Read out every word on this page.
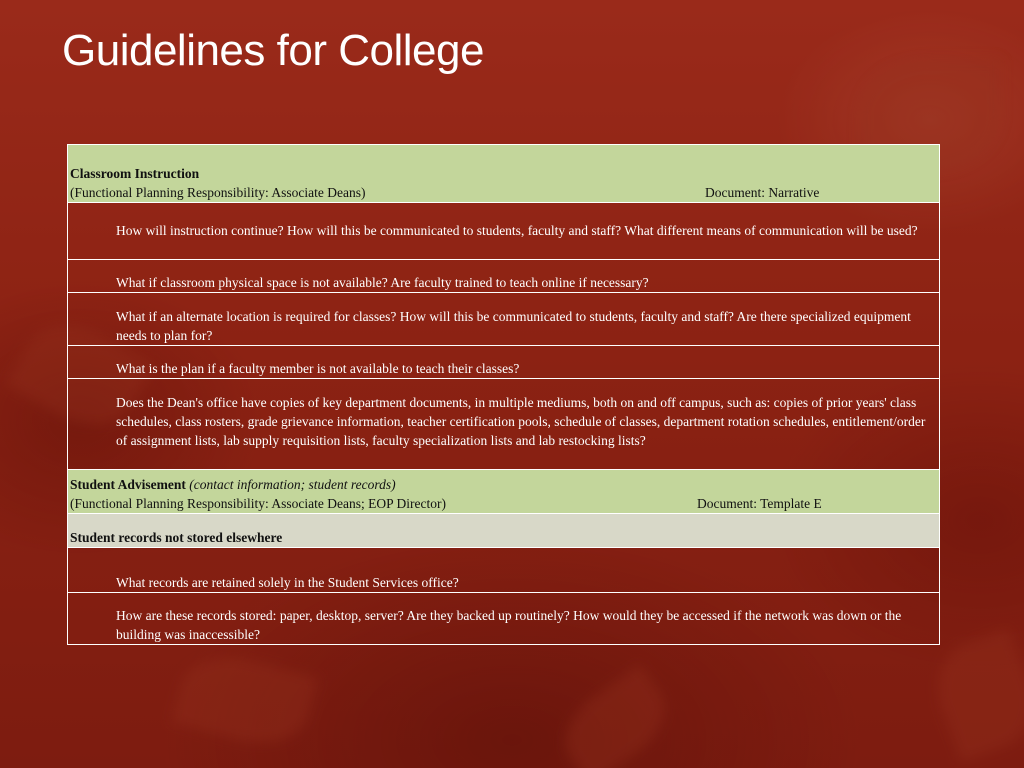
Guidelines for College
Classroom Instruction
(Functional Planning Responsibility: Associate Deans)	Document: Narrative

How will instruction continue? How will this be communicated to students, faculty and staff? What different means of communication will be used?

What if classroom physical space is not available? Are faculty trained to teach online if necessary?

What if an alternate location is required for classes? How will this be communicated to students, faculty and staff? Are there specialized equipment needs to plan for?

What is the plan if a faculty member is not available to teach their classes?

Does the Dean's office have copies of key department documents, in multiple mediums, both on and off campus, such as: copies of prior years' class schedules, class rosters, grade grievance information, teacher certification pools, schedule of classes, department rotation schedules, entitlement/order of assignment lists, lab supply requisition lists, faculty specialization lists and lab restocking lists?

Student Advisement (contact information; student records)
(Functional Planning Responsibility: Associate Deans; EOP Director)	Document: Template E

Student records not stored elsewhere

What records are retained solely in the Student Services office?

How are these records stored: paper, desktop, server? Are they backed up routinely? How would they be accessed if the network was down or the building was inaccessible?
